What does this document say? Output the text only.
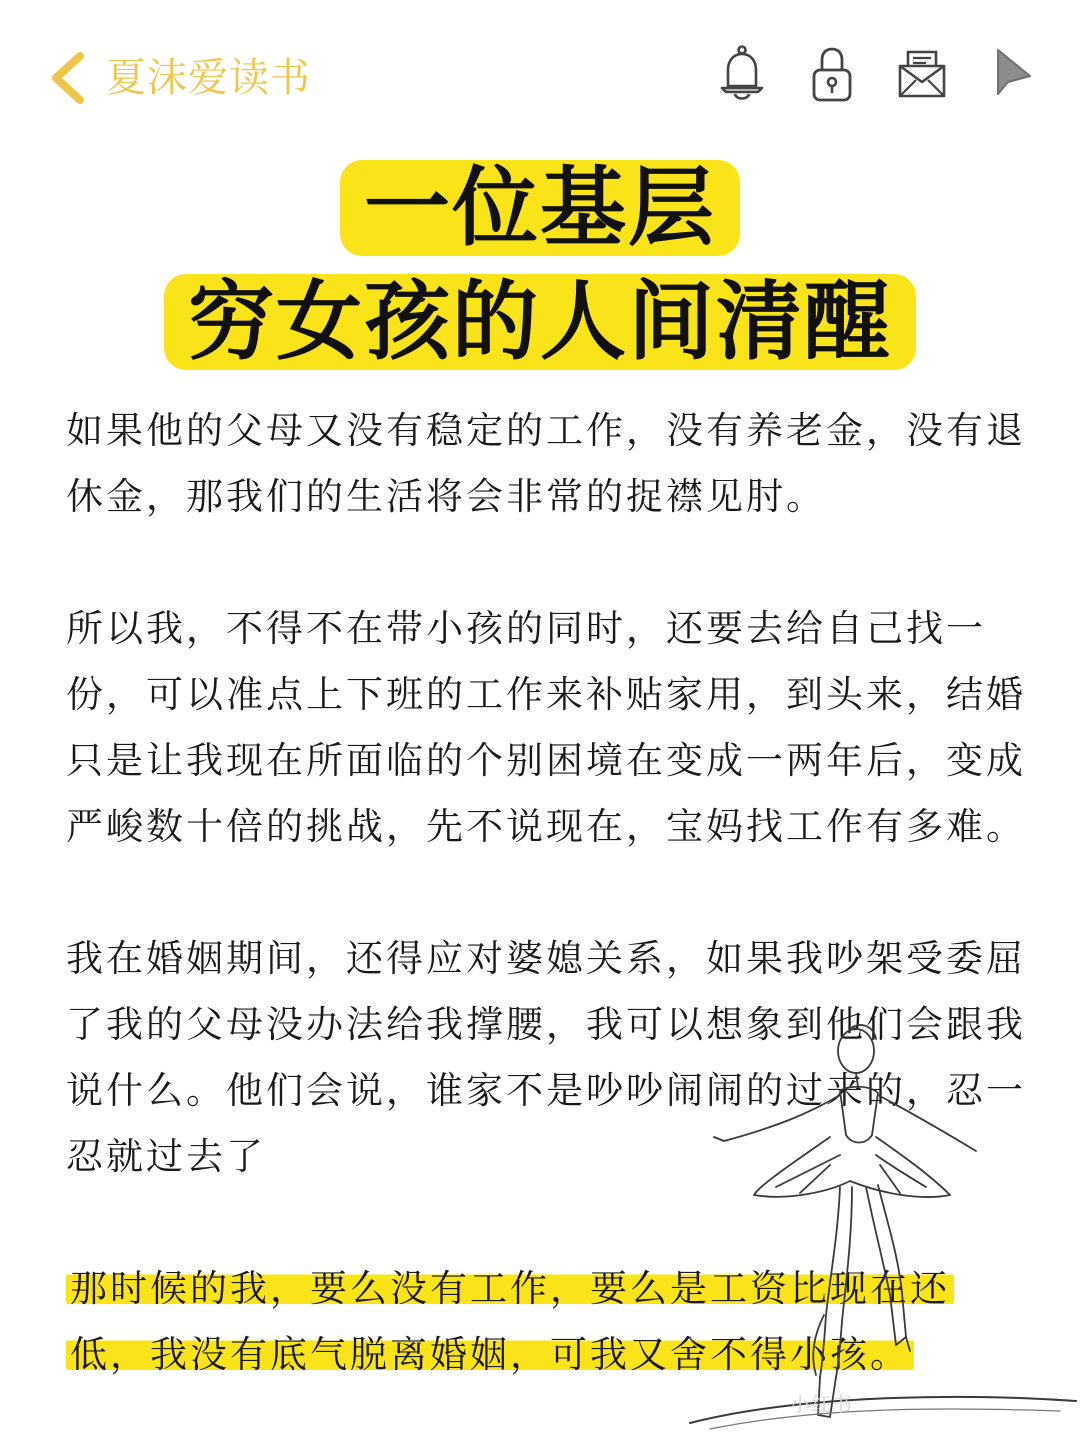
夏沫爱读书
一位基层
穷女孩的人间清醒

如果他的父母又没有稳定的工作，没有养老金，没有退休金，那我们的生活将会非常的捉襟见肘。

所以我，不得不在带小孩的同时，还要去给自己找一份，可以准点上下班的工作来补贴家用，到头来，结婚只是让我现在所面临的个别困境在变成一两年后，变成严峻数十倍的挑战，先不说现在，宝妈找工作有多难。

我在婚姻期间，还得应对婆媳关系，如果我吵架受委屈了我的父母没办法给我撑腰，我可以想象到他们会跟我说什么。他们会说，谁家不是吵吵闹闹的过来的，忍一忍就过去了

那时候的我，要么没有工作，要么是工资比现在还低，我没有底气脱离婚姻，可我又舍不得小孩。

小红书
